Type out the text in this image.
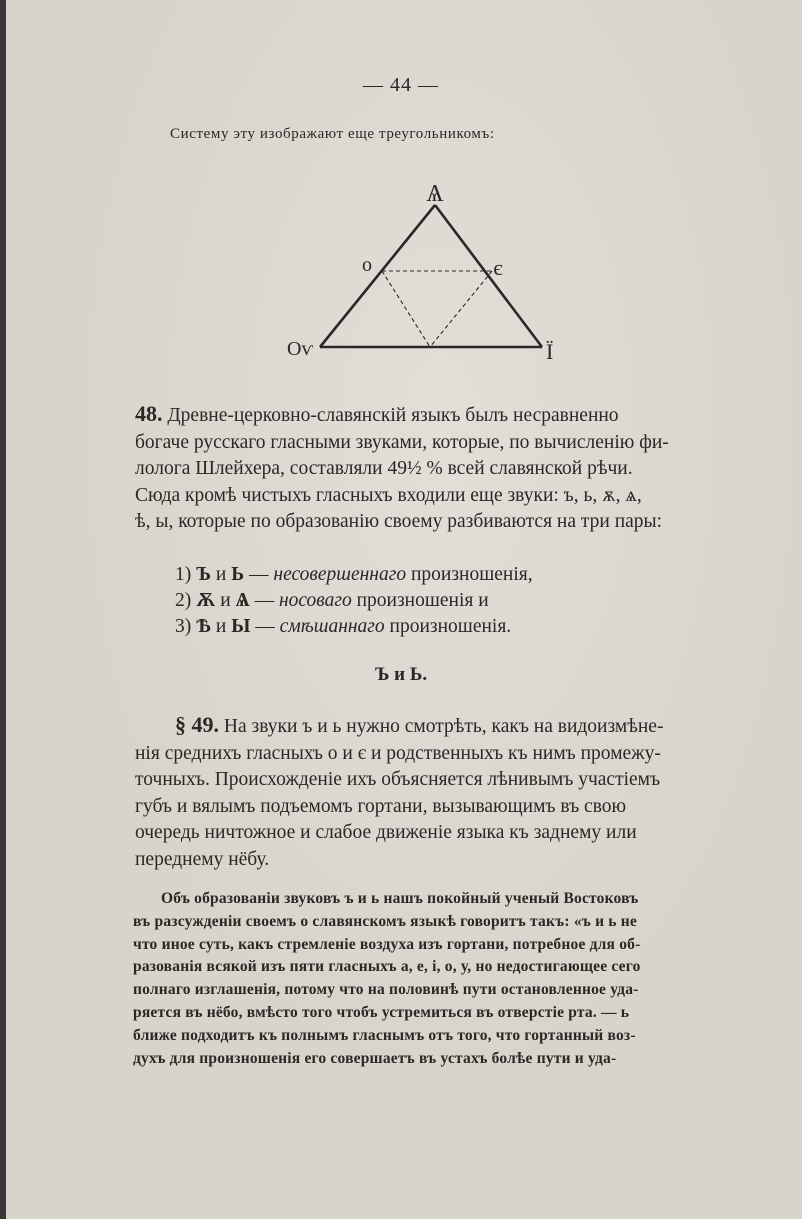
— 44 —
Систему эту изображают еще треугольникомъ:
Ѧ
о	є
Оѵ	Ї
48. Древне-церковно-славянскій языкъ былъ несравненно
богаче русскаго гласными звуками, которые, по вычисленію фи-
лолога Шлейхера, составляли 49½ % всей славянской рѣчи.
Сюда кромѣ чистыхъ гласныхъ входили еще звуки: ъ, ь, ѫ, ѧ,
ѣ, ы, которые по образованію своему разбиваются на три пары:
1) Ъ и Ь — несовершеннаго произношенія,
2) Ѫ и Ѧ — носоваго произношенія и
3) Ѣ и Ы — смѣшаннаго произношенія.
Ъ и Ь.
§ 49. На звуки ъ и ь нужно смотрѣть, какъ на видоизмѣне-
нія среднихъ гласныхъ о и є и родственныхъ къ нимъ промежу-
точныхъ. Происхожденіе ихъ объясняется лѣнивымъ участіемъ
губъ и вялымъ подъемомъ гортани, вызывающимъ въ свою
очередь ничтожное и слабое движеніе языка къ заднему или
переднему нёбу.
Объ образованіи звуковъ ъ и ь нашъ покойный ученый Востоковъ
въ разсужденіи своемъ о славянскомъ языкѣ говоритъ такъ: «ъ и ь не
что иное суть, какъ стремленіе воздуха изъ гортани, потребное для об-
разованія всякой изъ пяти гласныхъ а, е, і, о, у, но недостигающее сего
полнаго изглашенія, потому что на половинѣ пути остановленное уда-
ряется въ нёбо, вмѣсто того чтобъ устремиться въ отверстіе рта. — ь
ближе подходитъ къ полнымъ гласнымъ отъ того, что гортанный воз-
духъ для произношенія его совершаетъ въ устахъ болѣе пути и уда-
